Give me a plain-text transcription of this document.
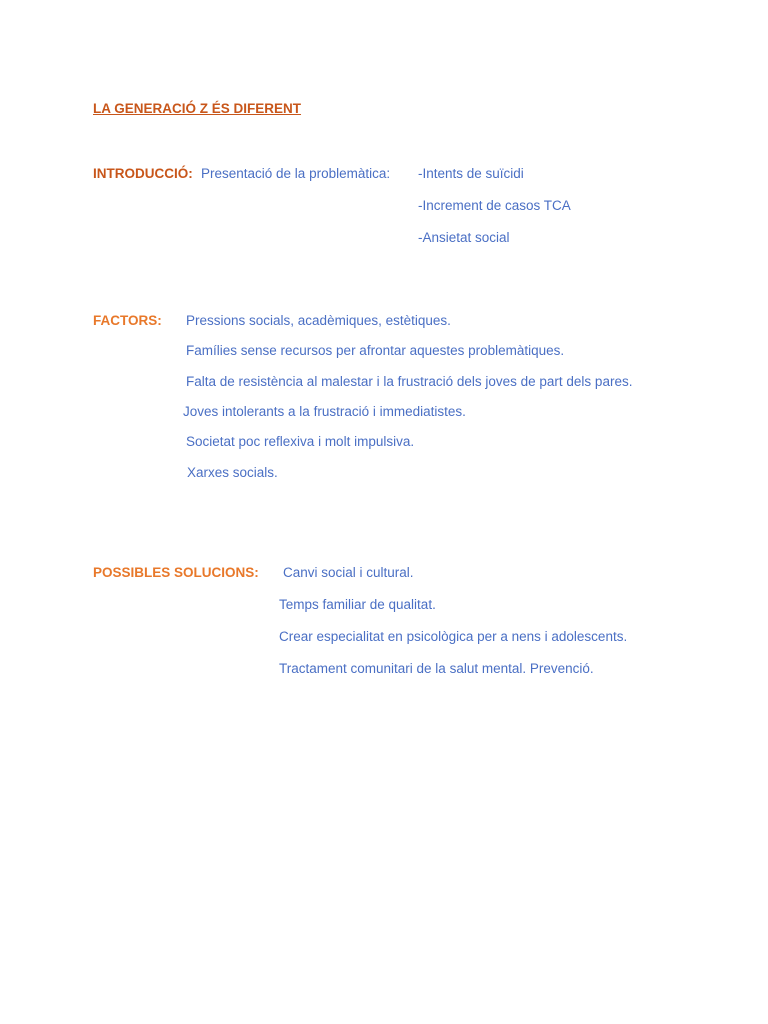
LA GENERACIÓ Z ÉS DIFERENT
INTRODUCCIÓ: Presentació de la problemàtica: -Intents de suïcidi
-Increment de casos TCA
-Ansietat social
FACTORS: Pressions socials, acadèmiques, estètiques.
Famílies sense recursos per afrontar aquestes problemàtiques.
Falta de resistència al malestar i la frustració dels joves de part dels pares.
Joves intolerants a la frustració i immediatistes.
Societat poc reflexiva i molt impulsiva.
Xarxes socials.
POSSIBLES SOLUCIONS: Canvi social i cultural.
Temps familiar de qualitat.
Crear especialitat en psicològica per a nens i adolescents.
Tractament comunitari de la salut mental. Prevenció.
